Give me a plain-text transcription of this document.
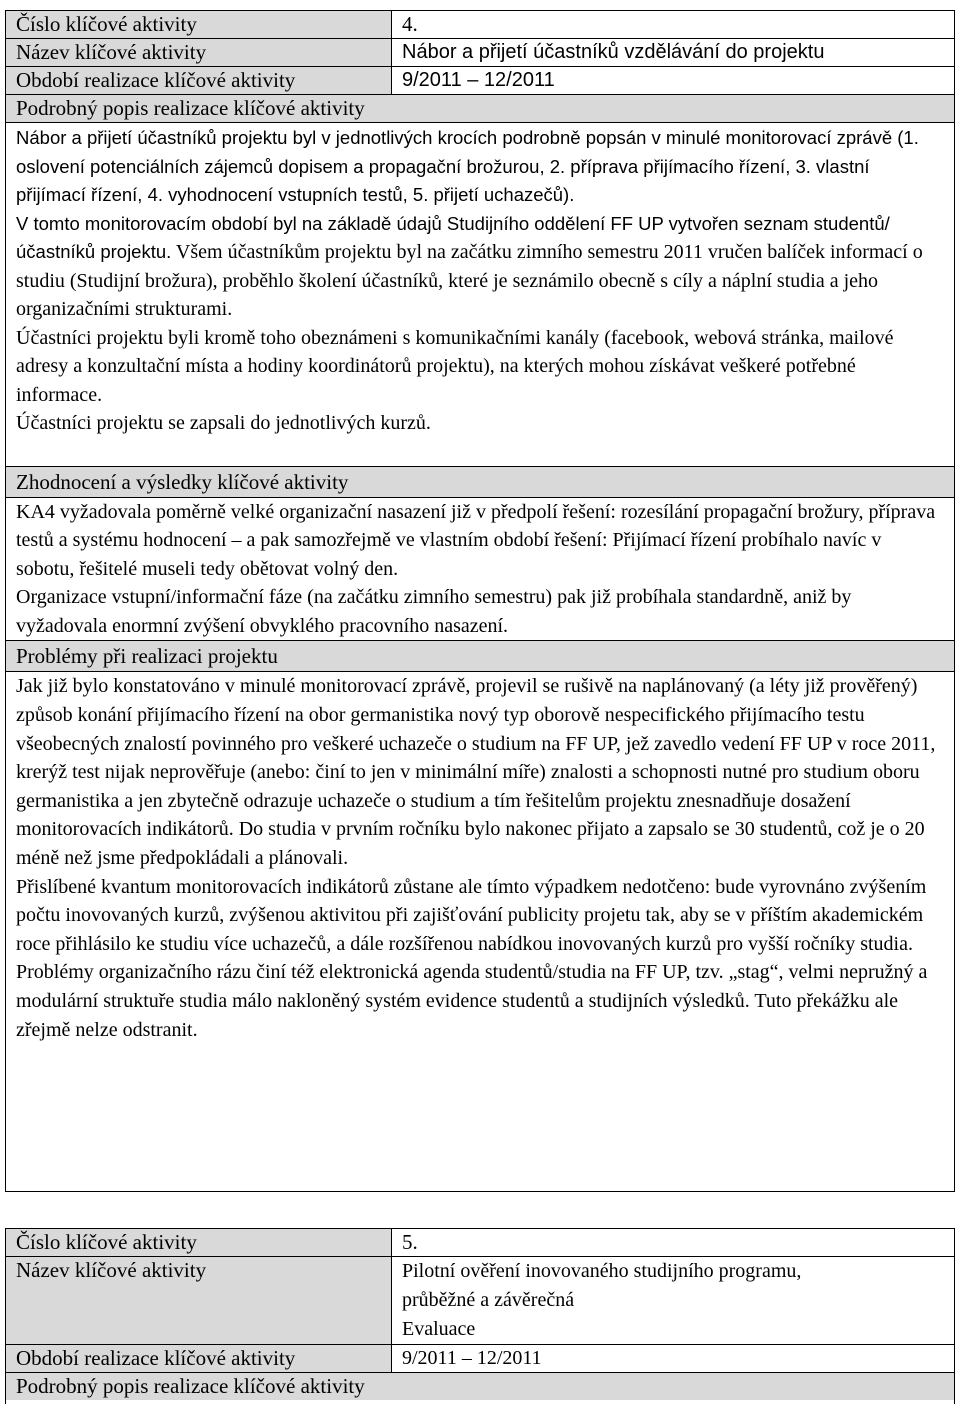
Číslo klíčové aktivity	4.
Název klíčové aktivity	Nábor a přijetí účastníků vzdělávání do projektu
Období realizace klíčové aktivity	9/2011 – 12/2011
Podrobný popis realizace klíčové aktivity

Nábor a přijetí účastníků projektu byl v jednotlivých krocích podrobně popsán v minulé monitorovací zprávě (1. oslovení potenciálních zájemců dopisem a propagační brožurou, 2. příprava přijímacího řízení, 3. vlastní přijímací řízení, 4. vyhodnocení vstupních testů, 5. přijetí uchazečů).

V tomto monitorovacím období byl na základě údajů Studijního oddělení FF UP vytvořen seznam studentů/účastníků projektu. Všem účastníkům projektu byl na začátku zimního semestru 2011 vručen balíček informací o studiu (Studijní brožura), proběhlo školení účastníků, které je seznámilo obecně s cíly a náplní studia a jeho organizačními strukturami.

Účastníci projektu byli kromě toho obeznámeni s komunikačními kanály (facebook, webová stránka, mailové adresy a konzultační místa a hodiny koordinátorů projektu), na kterých mohou získávat veškeré potřebné informace.

Účastníci projektu se zapsali do jednotlivých kurzů.

Zhodnocení a výsledky klíčové aktivity

KA4 vyžadovala poměrně velké organizační nasazení již v předpolí řešení: rozesílání propagační brožury, příprava testů a systému hodnocení – a pak samozřejmě ve vlastním období řešení: Přijímací řízení probíhalo navíc v sobotu, řešitelé museli tedy obětovat volný den.

Organizace vstupní/informační fáze (na začátku zimního semestru) pak již probíhala standardně, aniž by vyžadovala enormní zvýšení obvyklého pracovního nasazení.

Problémy při realizaci projektu

Jak již bylo konstatováno v minulé monitorovací zprávě, projevil se rušivě na naplánovaný (a léty již prověřený) způsob konání přijímacího řízení na obor germanistika nový typ oborově nespecifického přijímacího testu všeobecných znalostí povinného pro veškeré uchazeče o studium na FF UP, jež zavedlo vedení FF UP v roce 2011, krerýž test nijak neprověřuje (anebo: činí to jen v minimální míře) znalosti a schopnosti nutné pro studium oboru germanistika a jen zbytečně odrazuje uchazeče o studium a tím řešitelům projektu znesnadňuje dosažení monitorovacích indikátorů. Do studia v prvním ročníku bylo nakonec přijato a zapsalo se 30 studentů, což je o 20 méně než jsme předpokládali a plánovali.

Přislíbené kvantum monitorovacích indikátorů zůstane ale tímto výpadkem nedotčeno: bude vyrovnáno zvýšením počtu inovovaných kurzů, zvýšenou aktivitou při zajišťování publicity projetu tak, aby se v příštím akademickém roce přihlásilo ke studiu více uchazečů, a dále rozšířenou nabídkou inovovaných kurzů pro vyšší ročníky studia.

Problémy organizačního rázu činí též elektronická agenda studentů/studia na FF UP, tzv. „stag“, velmi nepružný a modulární struktuře studia málo nakloněný systém evidence studentů a studijních výsledků. Tuto překážku ale zřejmě nelze odstranit.

Číslo klíčové aktivity	5.
Název klíčové aktivity	Pilotní ověření inovovaného studijního programu,
průběžné a závěrečná
Evaluace
Období realizace klíčové aktivity	9/2011 – 12/2011
Podrobný popis realizace klíčové aktivity
